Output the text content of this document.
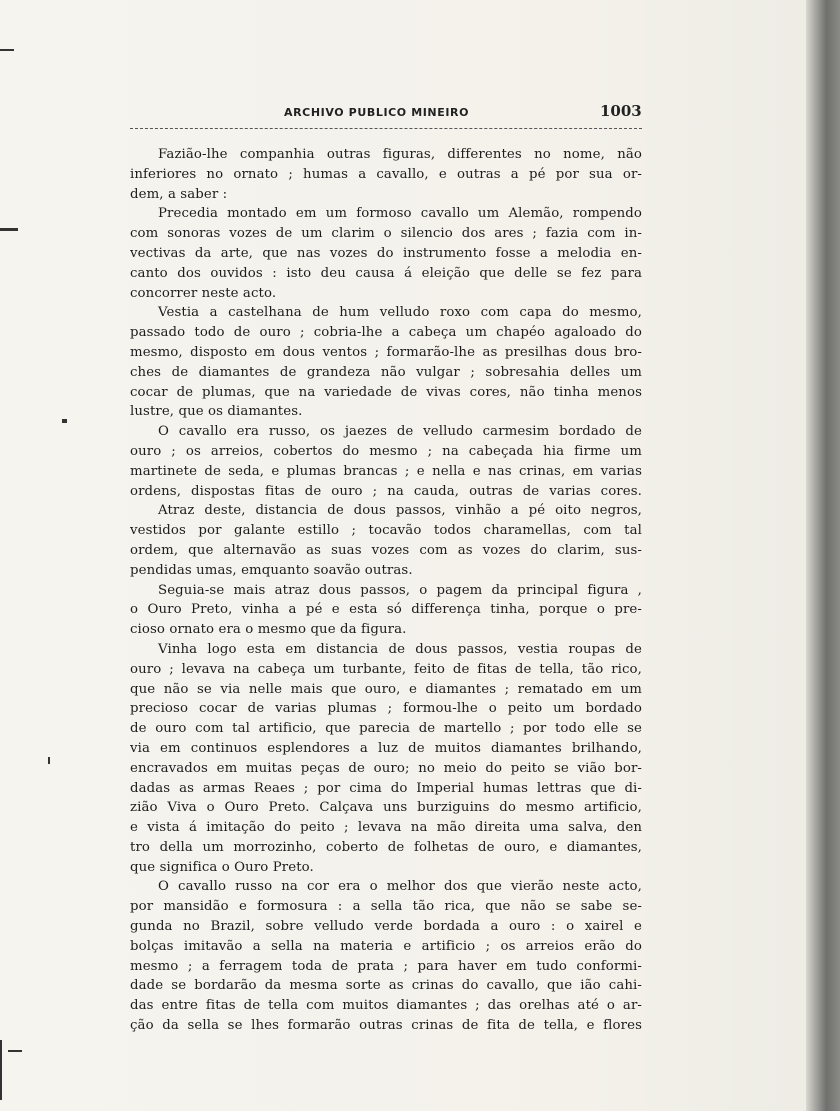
ARCHIVO PUBLICO MINEIRO	1003
Fazião-lhe companhia outras figuras, differentes no nome, não
inferiores no ornato ; humas a cavallo, e outras a pé por sua or-
dem, a saber :
Precedia montado em um formoso cavallo um Alemão, rompendo
com sonoras vozes de um clarim o silencio dos ares ; fazia com in-
vectivas da arte, que nas vozes do instrumento fosse a melodia en-
canto dos ouvidos : isto deu causa á eleição que delle se fez para
concorrer neste acto.
Vestia a castelhana de hum velludo roxo com capa do mesmo,
passado todo de ouro ; cobria-lhe a cabeça um chapéo agaloado do
mesmo, disposto em dous ventos ; formarão-lhe as presilhas dous bro-
ches de diamantes de grandeza não vulgar ; sobresahia delles um
cocar de plumas, que na variedade de vivas cores, não tinha menos
lustre, que os diamantes.
O cavallo era russo, os jaezes de velludo carmesim bordado de
ouro ; os arreios, cobertos do mesmo ; na cabeçada hia firme um
martinete de seda, e plumas brancas ; e nella e nas crinas, em varias
ordens, dispostas fitas de ouro ; na cauda, outras de varias cores.
Atraz deste, distancia de dous passos, vinhão a pé oito negros,
vestidos por galante estillo ; tocavão todos charamellas, com tal
ordem, que alternavão as suas vozes com as vozes do clarim, sus-
pendidas umas, emquanto soavão outras.
Seguia-se mais atraz dous passos, o pagem da principal figura ,
o Ouro Preto, vinha a pé e esta só differença tinha, porque o pre-
cioso ornato era o mesmo que da figura.
Vinha logo esta em distancia de dous passos, vestia roupas de
ouro ; levava na cabeça um turbante, feito de fitas de tella, tão rico,
que não se via nelle mais que ouro, e diamantes ; rematado em um
precioso cocar de varias plumas ; formou-lhe o peito um bordado
de ouro com tal artificio, que parecia de martello ; por todo elle se
via em continuos esplendores a luz de muitos diamantes brilhando,
encravados em muitas peças de ouro; no meio do peito se vião bor-
dadas as armas Reaes ; por cima do Imperial humas lettras que di-
zião Viva o Ouro Preto. Calçava uns burziguins do mesmo artificio,
e vista á imitação do peito ; levava na mão direita uma salva, den
tro della um morrozinho, coberto de folhetas de ouro, e diamantes,
que significa o Ouro Preto.
O cavallo russo na cor era o melhor dos que vierão neste acto,
por mansidão e formosura : a sella tão rica, que não se sabe se-
gunda no Brazil, sobre velludo verde bordada a ouro : o xairel e
bolças imitavão a sella na materia e artificio ; os arreios erão do
mesmo ; a ferragem toda de prata ; para haver em tudo conformi-
dade se bordarão da mesma sorte as crinas do cavallo, que ião cahi-
das entre fitas de tella com muitos diamantes ; das orelhas até o ar-
ção da sella se lhes formarão outras crinas de fita de tella, e flores
